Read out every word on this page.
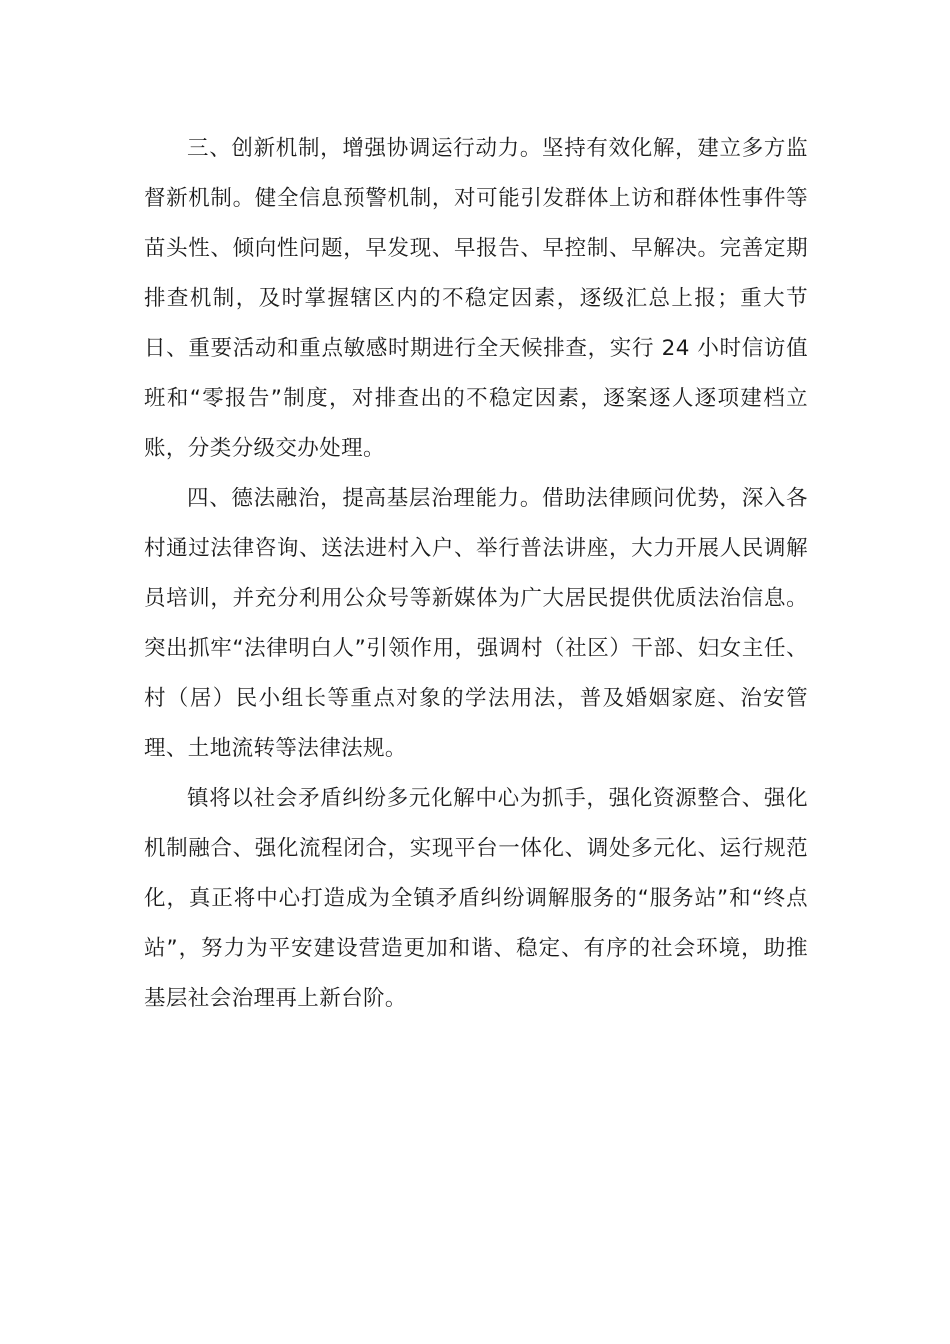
三、创新机制，增强协调运行动力。坚持有效化解，建立多方监督新机制。健全信息预警机制，对可能引发群体上访和群体性事件等苗头性、倾向性问题，早发现、早报告、早控制、早解决。完善定期排查机制，及时掌握辖区内的不稳定因素，逐级汇总上报；重大节日、重要活动和重点敏感时期进行全天候排查，实行 24 小时信访值班和“零报告”制度，对排查出的不稳定因素，逐案逐人逐项建档立账，分类分级交办处理。

四、德法融治，提高基层治理能力。借助法律顾问优势，深入各村通过法律咨询、送法进村入户、举行普法讲座，大力开展人民调解员培训，并充分利用公众号等新媒体为广大居民提供优质法治信息。突出抓牢“法律明白人”引领作用，强调村（社区）干部、妇女主任、村（居）民小组长等重点对象的学法用法，普及婚姻家庭、治安管理、土地流转等法律法规。

镇将以社会矛盾纠纷多元化解中心为抓手，强化资源整合、强化机制融合、强化流程闭合，实现平台一体化、调处多元化、运行规范化，真正将中心打造成为全镇矛盾纠纷调解服务的“服务站”和“终点站”，努力为平安建设营造更加和谐、稳定、有序的社会环境，助推基层社会治理再上新台阶。
